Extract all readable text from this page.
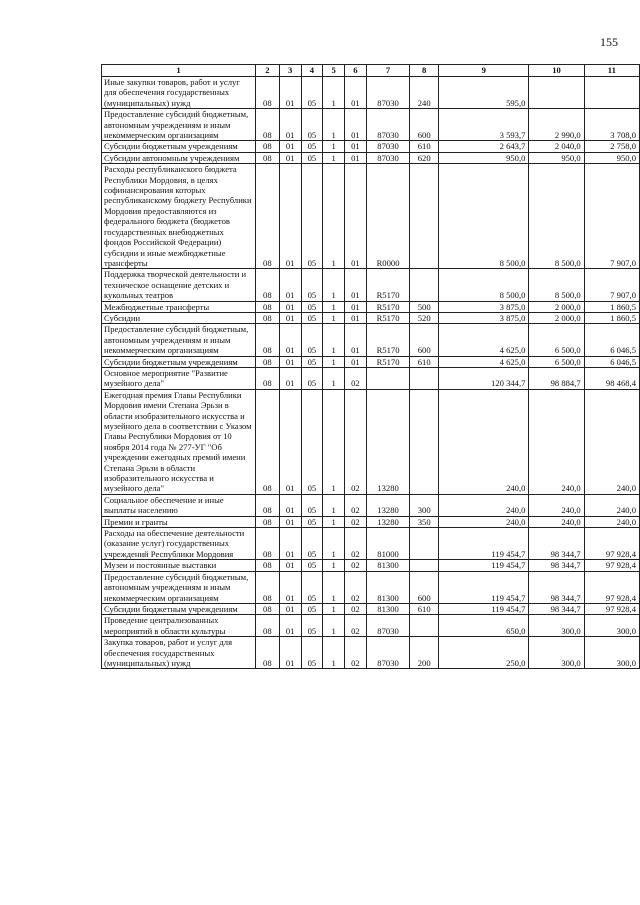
155
1	2	3	4	5	6	7	8	9	10	11
Иные закупки товаров, работ и услуг для обеспечения государственных (муниципальных) нужд	08	01	05	1	01	87030	240	595,0		
Предоставление субсидий бюджетным, автономным учреждениям и иным некоммерческим организациям	08	01	05	1	01	87030	600	3 593,7	2 990,0	3 708,0
Субсидии бюджетным учреждениям	08	01	05	1	01	87030	610	2 643,7	2 040,0	2 758,0
Субсидии автономным учреждениям	08	01	05	1	01	87030	620	950,0	950,0	950,0
Расходы республиканского бюджета Республики Мордовия, в целях софинансирования которых республиканскому бюджету Республики Мордовия предоставляются из федерального бюджета (бюджетов государственных внебюджетных фондов Российской Федерации) субсидии и иные межбюджетные трансферты	08	01	05	1	01	R0000		8 500,0	8 500,0	7 907,0
Поддержка творческой деятельности и техническое оснащение детских и кукольных театров	08	01	05	1	01	R5170		8 500,0	8 500,0	7 907,0
Межбюджетные трансферты	08	01	05	1	01	R5170	500	3 875,0	2 000,0	1 860,5
Субсидии	08	01	05	1	01	R5170	520	3 875,0	2 000,0	1 860,5
Предоставление субсидий бюджетным, автономным учреждениям и иным некоммерческим организациям	08	01	05	1	01	R5170	600	4 625,0	6 500,0	6 046,5
Субсидии бюджетным учреждениям	08	01	05	1	01	R5170	610	4 625,0	6 500,0	6 046,5
Основное мероприятие "Развитие музейного дела"	08	01	05	1	02			120 344,7	98 884,7	98 468,4
Ежегодная премия Главы Республики Мордовия имени Степана Эрьзи в области изобразительного искусства и музейного дела в соответствии с Указом Главы Республики Мордовия от 10 ноября 2014 года № 277-УГ "Об учреждении ежегодных премий имени Степана Эрьзи в области изобразительного искусства и музейного дела"	08	01	05	1	02	13280		240,0	240,0	240,0
Социальное обеспечение и иные выплаты населению	08	01	05	1	02	13280	300	240,0	240,0	240,0
Премии и гранты	08	01	05	1	02	13280	350	240,0	240,0	240,0
Расходы на обеспечение деятельности (оказание услуг) государственных учреждений Республики Мордовия	08	01	05	1	02	81000		119 454,7	98 344,7	97 928,4
Музеи и постоянные выставки	08	01	05	1	02	81300		119 454,7	98 344,7	97 928,4
Предоставление субсидий бюджетным, автономным учреждениям и иным некоммерческим организациям	08	01	05	1	02	81300	600	119 454,7	98 344,7	97 928,4
Субсидии бюджетным учреждениям	08	01	05	1	02	81300	610	119 454,7	98 344,7	97 928,4
Проведение централизованных мероприятий в области культуры	08	01	05	1	02	87030		650,0	300,0	300,0
Закупка товаров, работ и услуг для обеспечения государственных (муниципальных) нужд	08	01	05	1	02	87030	200	250,0	300,0	300,0
